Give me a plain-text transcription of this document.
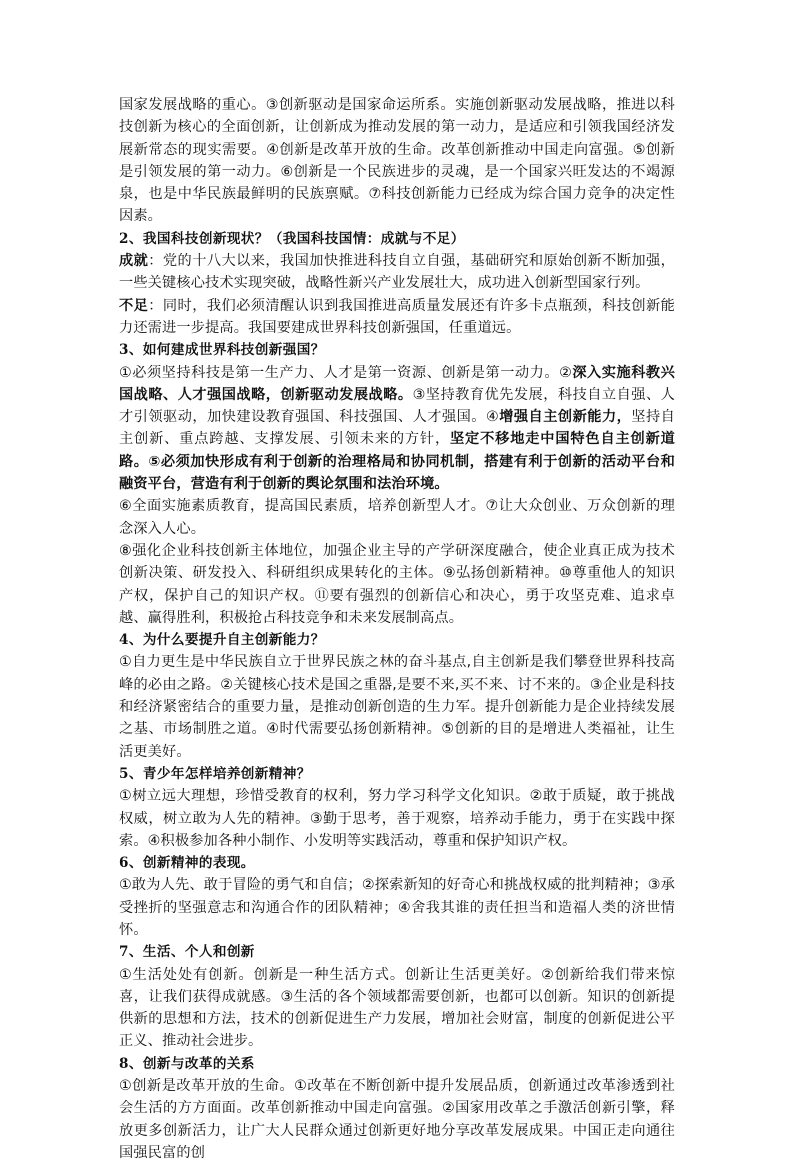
国家发展战略的重心。③创新驱动是国家命运所系。实施创新驱动发展战略，推进以科技创新为核心的全面创新，让创新成为推动发展的第一动力，是适应和引领我国经济发展新常态的现实需要。④创新是改革开放的生命。改革创新推动中国走向富强。⑤创新是引领发展的第一动力。⑥创新是一个民族进步的灵魂，是一个国家兴旺发达的不竭源泉，也是中华民族最鲜明的民族禀赋。⑦科技创新能力已经成为综合国力竞争的决定性因素。

2、我国科技创新现状？（我国科技国情：成就与不足）

成就：党的十八大以来，我国加快推进科技自立自强，基础研究和原始创新不断加强，一些关键核心技术实现突破，战略性新兴产业发展壮大，成功进入创新型国家行列。

不足：同时，我们必须清醒认识到我国推进高质量发展还有许多卡点瓶颈，科技创新能力还需进一步提高。我国要建成世界科技创新强国，任重道远。

3、如何建成世界科技创新强国？

①必须坚持科技是第一生产力、人才是第一资源、创新是第一动力。②深入实施科教兴国战略、人才强国战略，创新驱动发展战略。③坚持教育优先发展，科技自立自强、人才引领驱动，加快建设教育强国、科技强国、人才强国。④增强自主创新能力，坚持自主创新、重点跨越、支撑发展、引领未来的方针，坚定不移地走中国特色自主创新道路。⑤必须加快形成有利于创新的治理格局和协同机制，搭建有利于创新的活动平台和融资平台，营造有利于创新的舆论氛围和法治环境。

⑥全面实施素质教育，提高国民素质，培养创新型人才。⑦让大众创业、万众创新的理念深入人心。

⑧强化企业科技创新主体地位，加强企业主导的产学研深度融合，使企业真正成为技术创新决策、研发投入、科研组织成果转化的主体。⑨弘扬创新精神。⑩尊重他人的知识产权，保护自己的知识产权。⑪要有强烈的创新信心和决心，勇于攻坚克难、追求卓越、赢得胜利，积极抢占科技竞争和未来发展制高点。

4、为什么要提升自主创新能力？

①自力更生是中华民族自立于世界民族之林的奋斗基点,自主创新是我们攀登世界科技高峰的必由之路。②关键核心技术是国之重器,是要不来,买不来、讨不来的。③企业是科技和经济紧密结合的重要力量，是推动创新创造的生力军。提升创新能力是企业持续发展之基、市场制胜之道。④时代需要弘扬创新精神。⑤创新的目的是增进人类福祉，让生活更美好。

5、青少年怎样培养创新精神？

①树立远大理想，珍惜受教育的权利，努力学习科学文化知识。②敢于质疑，敢于挑战权威，树立敢为人先的精神。③勤于思考，善于观察，培养动手能力，勇于在实践中探索。④积极参加各种小制作、小发明等实践活动，尊重和保护知识产权。

6、创新精神的表现。

①敢为人先、敢于冒险的勇气和自信；②探索新知的好奇心和挑战权威的批判精神；③承受挫折的坚强意志和沟通合作的团队精神；④舍我其谁的责任担当和造福人类的济世情怀。

7、生活、个人和创新

①生活处处有创新。创新是一种生活方式。创新让生活更美好。②创新给我们带来惊喜，让我们获得成就感。③生活的各个领域都需要创新，也都可以创新。知识的创新提供新的思想和方法，技术的创新促进生产力发展，增加社会财富，制度的创新促进公平正义、推动社会进步。

8、创新与改革的关系

①创新是改革开放的生命。①改革在不断创新中提升发展品质，创新通过改革渗透到社会生活的方方面面。改革创新推动中国走向富强。②国家用改革之手激活创新引擎，释放更多创新活力，让广大人民群众通过创新更好地分享改革发展成果。中国正走向通往国强民富的创
